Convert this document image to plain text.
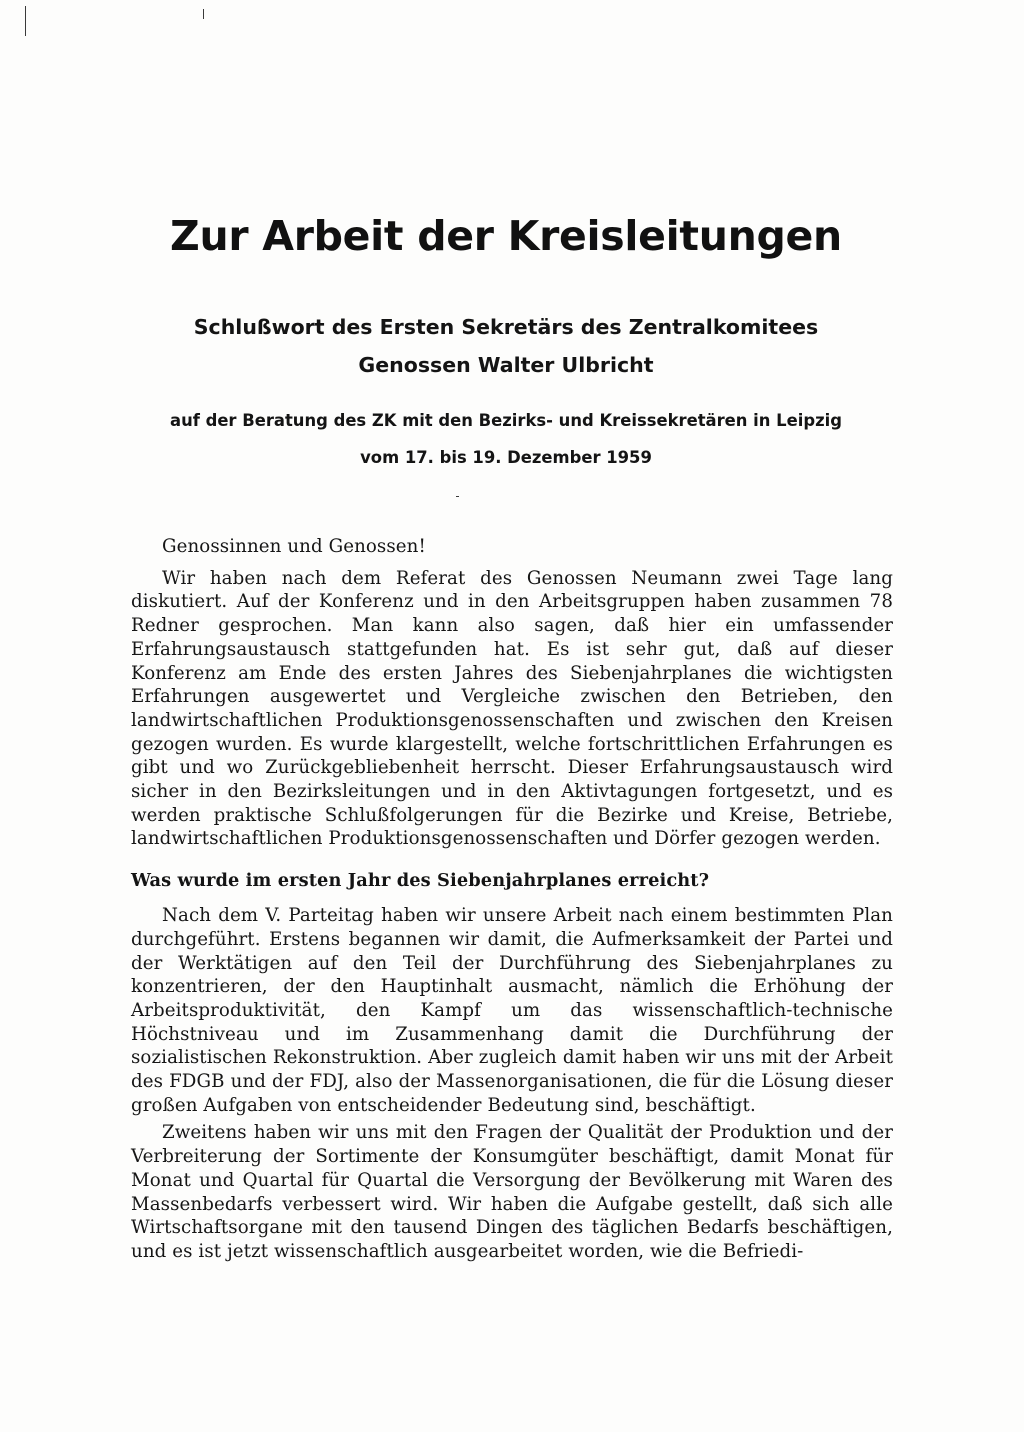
Zur Arbeit der Kreisleitungen
Schlußwort des Ersten Sekretärs des Zentralkomitees
Genossen Walter Ulbricht
auf der Beratung des ZK mit den Bezirks- und Kreissekretären in Leipzig
vom 17. bis 19. Dezember 1959

Genossinnen und Genossen!

Wir haben nach dem Referat des Genossen Neumann zwei Tage lang diskutiert. Auf der Konferenz und in den Arbeitsgruppen haben zusammen 78 Redner gesprochen. Man kann also sagen, daß hier ein umfassender Erfahrungsaustausch stattgefunden hat. Es ist sehr gut, daß auf dieser Konferenz am Ende des ersten Jahres des Siebenjahrplanes die wichtigsten Erfahrungen ausgewertet und Vergleiche zwischen den Betrieben, den landwirtschaftlichen Produktionsgenossenschaften und zwischen den Kreisen gezogen wurden. Es wurde klargestellt, welche fortschrittlichen Erfahrungen es gibt und wo Zurückgebliebenheit herrscht. Dieser Erfahrungsaustausch wird sicher in den Bezirksleitungen und in den Aktivtagungen fortgesetzt, und es werden praktische Schlußfolgerungen für die Bezirke und Kreise, Betriebe, landwirtschaftlichen Produktionsgenossenschaften und Dörfer gezogen werden.

Was wurde im ersten Jahr des Siebenjahrplanes erreicht?

Nach dem V. Parteitag haben wir unsere Arbeit nach einem bestimmten Plan durchgeführt. Erstens begannen wir damit, die Aufmerksamkeit der Partei und der Werktätigen auf den Teil der Durchführung des Siebenjahrplanes zu konzentrieren, der den Hauptinhalt ausmacht, nämlich die Erhöhung der Arbeitsproduktivität, den Kampf um das wissenschaftlich-technische Höchstniveau und im Zusammenhang damit die Durchführung der sozialistischen Rekonstruktion. Aber zugleich damit haben wir uns mit der Arbeit des FDGB und der FDJ, also der Massenorganisationen, die für die Lösung dieser großen Aufgaben von entscheidender Bedeutung sind, beschäftigt.

Zweitens haben wir uns mit den Fragen der Qualität der Produktion und der Verbreiterung der Sortimente der Konsumgüter beschäftigt, damit Monat für Monat und Quartal für Quartal die Versorgung der Bevölkerung mit Waren des Massenbedarfs verbessert wird. Wir haben die Aufgabe gestellt, daß sich alle Wirtschaftsorgane mit den tausend Dingen des täglichen Bedarfs beschäftigen, und es ist jetzt wissenschaftlich ausgearbeitet worden, wie die Befriedi-
